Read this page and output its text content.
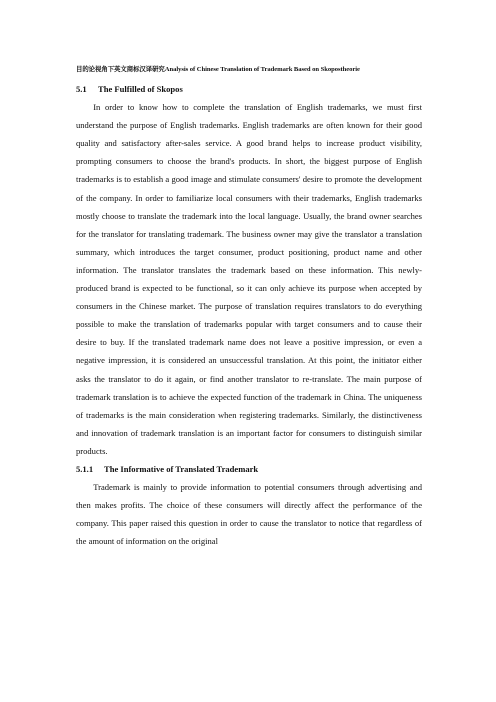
目的论视角下英文商标汉译研究Analysis of Chinese Translation of Trademark Based on Skopostheorie

5.1 The Fulfilled of Skopos

In order to know how to complete the translation of English trademarks, we must first understand the purpose of English trademarks. English trademarks are often known for their good quality and satisfactory after-sales service. A good brand helps to increase product visibility, prompting consumers to choose the brand's products. In short, the biggest purpose of English trademarks is to establish a good image and stimulate consumers' desire to promote the development of the company. In order to familiarize local consumers with their trademarks, English trademarks mostly choose to translate the trademark into the local language. Usually, the brand owner searches for the translator for translating trademark. The business owner may give the translator a translation summary, which introduces the target consumer, product positioning, product name and other information. The translator translates the trademark based on these information. This newly-produced brand is expected to be functional, so it can only achieve its purpose when accepted by consumers in the Chinese market. The purpose of translation requires translators to do everything possible to make the translation of trademarks popular with target consumers and to cause their desire to buy. If the translated trademark name does not leave a positive impression, or even a negative impression, it is considered an unsuccessful translation. At this point, the initiator either asks the translator to do it again, or find another translator to re-translate. The main purpose of trademark translation is to achieve the expected function of the trademark in China. The uniqueness of trademarks is the main consideration when registering trademarks. Similarly, the distinctiveness and innovation of trademark translation is an important factor for consumers to distinguish similar products.

5.1.1 The Informative of Translated Trademark

Trademark is mainly to provide information to potential consumers through advertising and then makes profits. The choice of these consumers will directly affect the performance of the company. This paper raised this question in order to cause the translator to notice that regardless of the amount of information on the original
